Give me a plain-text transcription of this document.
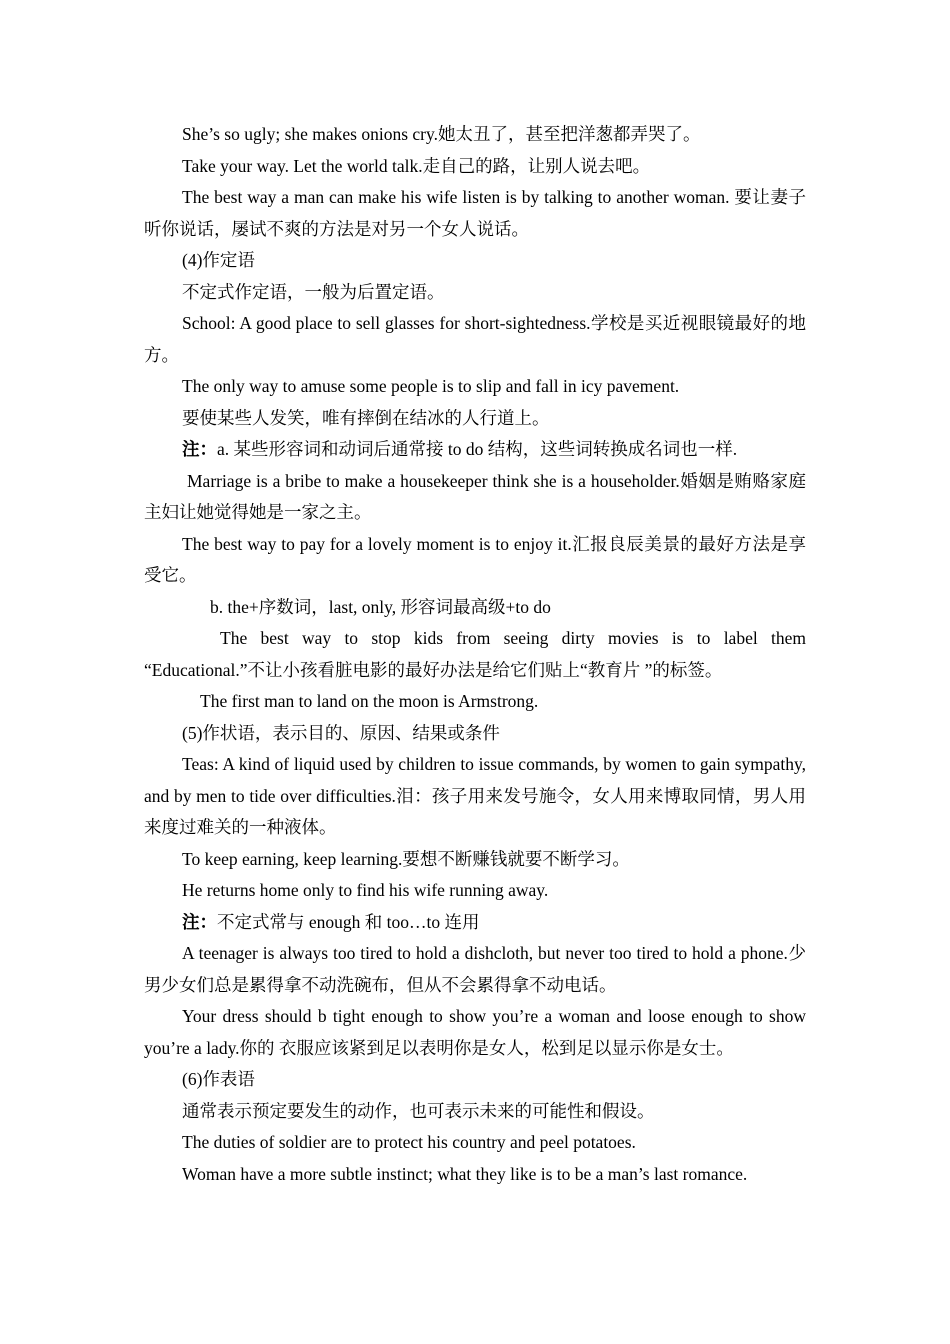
She’s so ugly; she makes onions cry.她太丑了，甚至把洋葱都弄哭了。

Take your way. Let the world talk.走自己的路，让别人说去吧。

The best way a man can make his wife listen is by talking to another woman. 要让妻子听你说话，屡试不爽的方法是对另一个女人说话。

(4)作定语

不定式作定语，一般为后置定语。

School: A good place to sell glasses for short-sightedness.学校是买近视眼镜最好的地方。

The only way to amuse some people is to slip and fall in icy pavement.

要使某些人发笑，唯有摔倒在结冰的人行道上。

注：a. 某些形容词和动词后通常接 to do 结构，这些词转换成名词也一样.

Marriage is a bribe to make a housekeeper think she is a householder.婚姻是贿赂家庭主妇让她觉得她是一家之主。

The best way to pay for a lovely moment is to enjoy it.汇报良辰美景的最好方法是享受它。

b. the+序数词，last, only, 形容词最高级+to do

The best way to stop kids from seeing dirty movies is to label them “Educational.”不让小孩看脏电影的最好办法是给它们贴上“教育片 ”的标签。

The first man to land on the moon is Armstrong.

(5)作状语，表示目的、原因、结果或条件

Teas: A kind of liquid used by children to issue commands, by women to gain sympathy, and by men to tide over difficulties.泪：孩子用来发号施令，女人用来博取同情，男人用来度过难关的一种液体。

To keep earning, keep learning.要想不断赚钱就要不断学习。

He returns home only to find his wife running away.

注：不定式常与 enough 和 too…to 连用

A teenager is always too tired to hold a dishcloth, but never too tired to hold a phone.少男少女们总是累得拿不动洗碗布，但从不会累得拿不动电话。

Your dress should b tight enough to show you’re a woman and loose enough to show you’re a lady.你的 衣服应该紧到足以表明你是女人，松到足以显示你是女士。

(6)作表语

通常表示预定要发生的动作，也可表示未来的可能性和假设。

The duties of soldier are to protect his country and peel potatoes.

Woman have a more subtle instinct; what they like is to be a man’s last romance.
